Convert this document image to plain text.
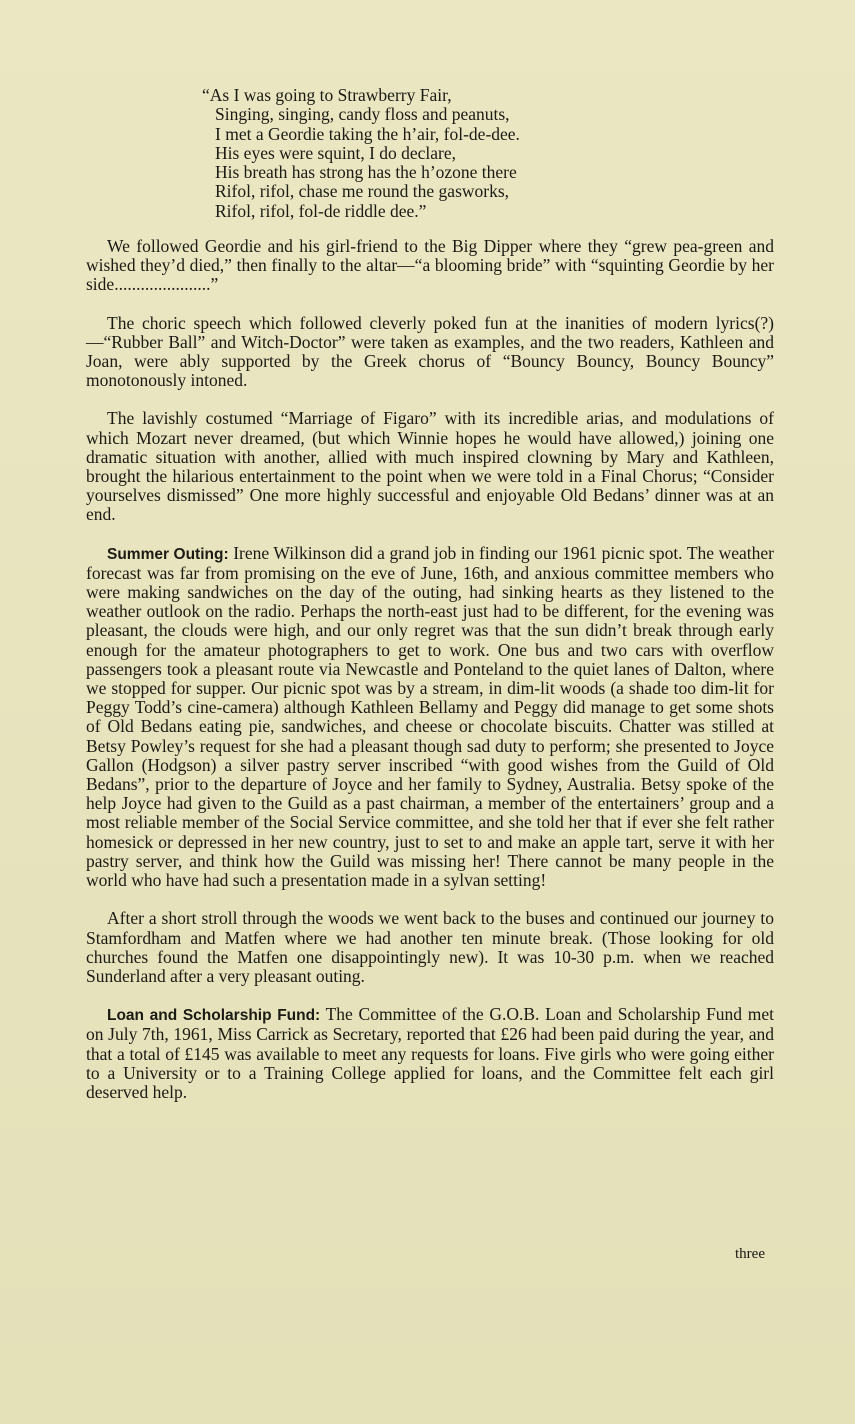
“As I was going to Strawberry Fair,
Singing, singing, candy floss and peanuts,
I met a Geordie taking the h’air, fol-de-dee.
His eyes were squint, I do declare,
His breath has strong has the h’ozone there
Rifol, rifol, chase me round the gasworks,
Rifol, rifol, fol-de riddle dee.”

We followed Geordie and his girl-friend to the Big Dipper where they “grew pea-green and wished they’d died,” then finally to the altar—“a blooming bride” with “squinting Geordie by her side......................”

The choric speech which followed cleverly poked fun at the inanities of modern lyrics(?)—“Rubber Ball” and Witch-Doctor” were taken as examples, and the two readers, Kathleen and Joan, were ably supported by the Greek chorus of “Bouncy Bouncy, Bouncy Bouncy” monotonously intoned.

The lavishly costumed “Marriage of Figaro” with its incredible arias, and modulations of which Mozart never dreamed, (but which Winnie hopes he would have allowed,) joining one dramatic situation with another, allied with much inspired clowning by Mary and Kathleen, brought the hilarious entertainment to the point when we were told in a Final Chorus; “Consider yourselves dismissed” One more highly successful and enjoyable Old Bedans’ dinner was at an end.

Summer Outing: Irene Wilkinson did a grand job in finding our 1961 picnic spot. The weather forecast was far from promising on the eve of June, 16th, and anxious committee members who were making sandwiches on the day of the outing, had sinking hearts as they listened to the weather outlook on the radio. Perhaps the north-east just had to be different, for the evening was pleasant, the clouds were high, and our only regret was that the sun didn’t break through early enough for the amateur photographers to get to work. One bus and two cars with overflow passengers took a pleasant route via Newcastle and Ponteland to the quiet lanes of Dalton, where we stopped for supper. Our picnic spot was by a stream, in dim-lit woods (a shade too dim-lit for Peggy Todd’s cine-camera) although Kathleen Bellamy and Peggy did manage to get some shots of Old Bedans eating pie, sandwiches, and cheese or chocolate biscuits. Chatter was stilled at Betsy Powley’s request for she had a pleasant though sad duty to perform; she presented to Joyce Gallon (Hodgson) a silver pastry server inscribed “with good wishes from the Guild of Old Bedans”, prior to the departure of Joyce and her family to Sydney, Australia. Betsy spoke of the help Joyce had given to the Guild as a past chairman, a member of the entertainers’ group and a most reliable member of the Social Service committee, and she told her that if ever she felt rather homesick or depressed in her new country, just to set to and make an apple tart, serve it with her pastry server, and think how the Guild was missing her! There cannot be many people in the world who have had such a presentation made in a sylvan setting!

After a short stroll through the woods we went back to the buses and continued our journey to Stamfordham and Matfen where we had another ten minute break. (Those looking for old churches found the Matfen one disappointingly new). It was 10-30 p.m. when we reached Sunderland after a very pleasant outing.

Loan and Scholarship Fund: The Committee of the G.O.B. Loan and Scholarship Fund met on July 7th, 1961, Miss Carrick as Secretary, reported that £26 had been paid during the year, and that a total of £145 was available to meet any requests for loans. Five girls who were going either to a University or to a Training College applied for loans, and the Committee felt each girl deserved help.

three
